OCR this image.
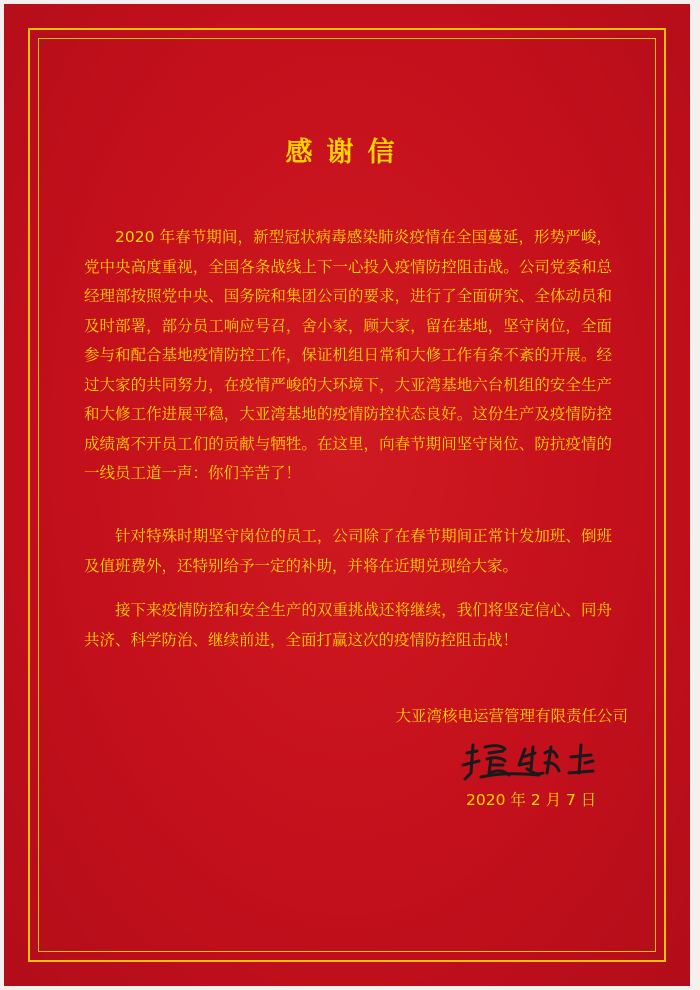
感谢信

2020 年春节期间，新型冠状病毒感染肺炎疫情在全国蔓延，形势严峻，党中央高度重视，全国各条战线上下一心投入疫情防控阻击战。公司党委和总经理部按照党中央、国务院和集团公司的要求，进行了全面研究、全体动员和及时部署，部分员工响应号召，舍小家，顾大家，留在基地，坚守岗位，全面参与和配合基地疫情防控工作，保证机组日常和大修工作有条不紊的开展。经过大家的共同努力，在疫情严峻的大环境下，大亚湾基地六台机组的安全生产和大修工作进展平稳，大亚湾基地的疫情防控状态良好。这份生产及疫情防控成绩离不开员工们的贡献与牺牲。在这里，向春节期间坚守岗位、防抗疫情的一线员工道一声：你们辛苦了！

针对特殊时期坚守岗位的员工，公司除了在春节期间正常计发加班、倒班及值班费外，还特别给予一定的补助，并将在近期兑现给大家。

接下来疫情防控和安全生产的双重挑战还将继续，我们将坚定信心、同舟共济、科学防治、继续前进，全面打赢这次的疫情防控阻击战！

大亚湾核电运营管理有限责任公司
2020 年 2 月 7 日
